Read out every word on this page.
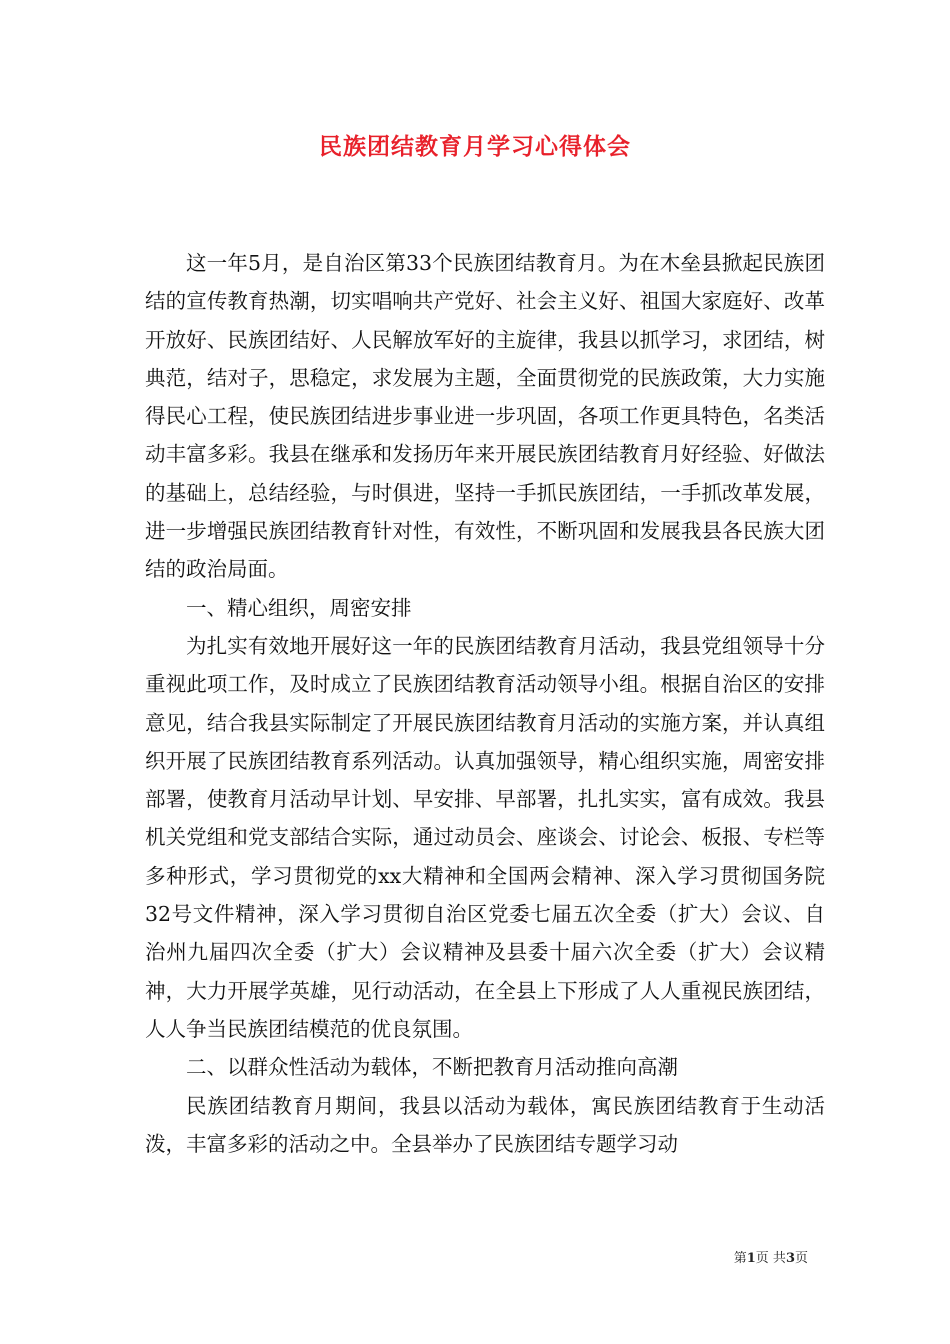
民族团结教育月学习心得体会

这一年5月，是自治区第33个民族团结教育月。为在木垒县掀起民族团结的宣传教育热潮，切实唱响共产党好、社会主义好、祖国大家庭好、改革开放好、民族团结好、人民解放军好的主旋律，我县以抓学习，求团结，树典范，结对子，思稳定，求发展为主题，全面贯彻党的民族政策，大力实施得民心工程，使民族团结进步事业进一步巩固，各项工作更具特色，名类活动丰富多彩。我县在继承和发扬历年来开展民族团结教育月好经验、好做法的基础上，总结经验，与时俱进，坚持一手抓民族团结，一手抓改革发展，进一步增强民族团结教育针对性，有效性，不断巩固和发展我县各民族大团结的政治局面。

一、精心组织，周密安排

为扎实有效地开展好这一年的民族团结教育月活动，我县党组领导十分重视此项工作，及时成立了民族团结教育活动领导小组。根据自治区的安排意见，结合我县实际制定了开展民族团结教育月活动的实施方案，并认真组织开展了民族团结教育系列活动。认真加强领导，精心组织实施，周密安排部署，使教育月活动早计划、早安排、早部署，扎扎实实，富有成效。我县机关党组和党支部结合实际，通过动员会、座谈会、讨论会、板报、专栏等多种形式，学习贯彻党的xx大精神和全国两会精神、深入学习贯彻国务院32号文件精神，深入学习贯彻自治区党委七届五次全委（扩大）会议、自治州九届四次全委（扩大）会议精神及县委十届六次全委（扩大）会议精神，大力开展学英雄，见行动活动，在全县上下形成了人人重视民族团结，人人争当民族团结模范的优良氛围。

二、以群众性活动为载体，不断把教育月活动推向高潮

民族团结教育月期间，我县以活动为载体，寓民族团结教育于生动活泼，丰富多彩的活动之中。全县举办了民族团结专题学习动

第1页 共3页
